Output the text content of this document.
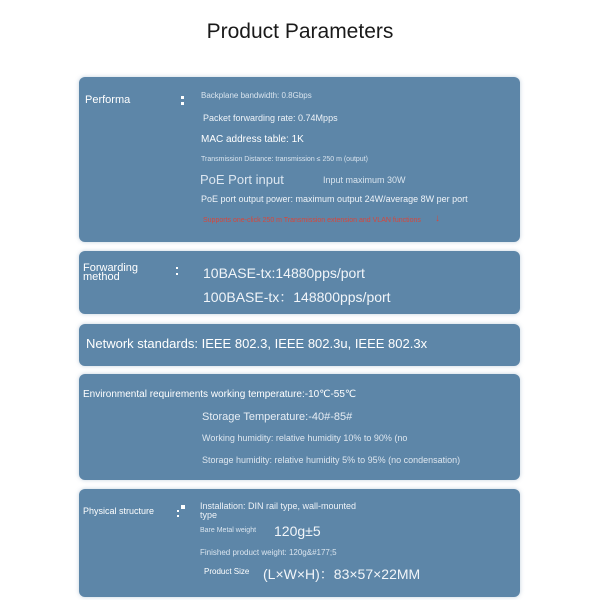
Product Parameters
Performa	Backplane bandwidth: 0.8Gbps
Packet forwarding rate: 0.74Mpps
MAC address table: 1K
Transmission Distance: transmission ≤ 250 m (output)
PoE Port input	Input maximum 30W
PoE port output power: maximum output 24W/average 8W per port
Supports one-click 250 m Transmission extension and VLAN functions ↓
Forwarding
method	10BASE-tx:14880pps/port
100BASE-tx：148800pps/port
Network standards: IEEE 802.3, IEEE 802.3u, IEEE 802.3x
Environmental requirements working temperature:-10℃-55℃
Storage Temperature:-40#-85#
Working humidity: relative humidity 10% to 90% (no
Storage humidity: relative humidity 5% to 95% (no condensation)
Physical structure	Installation: DIN rail type, wall-mounted
type
Bare Metal weight 120g±5
Finished product weight: 120g&#177;5
Product Size (L×W×H)：83×57×22MM
